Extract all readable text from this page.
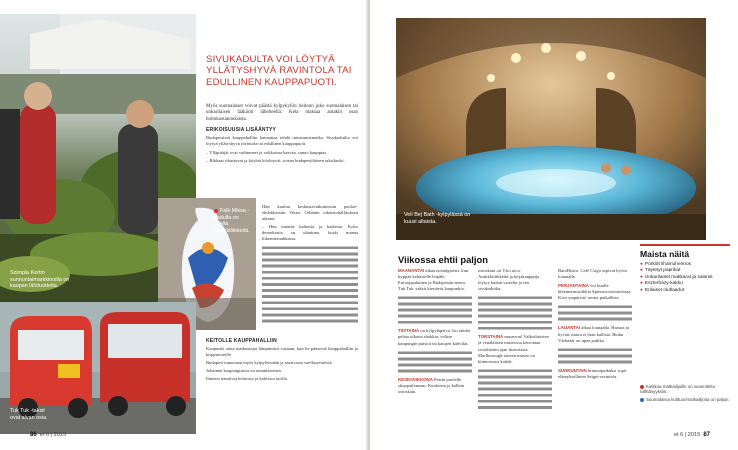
Szimpla Kertin sunnuntaimarkkinoilla on kaupan lähituotteita.
SIVUKADULTA VOI LÖYTYÄ YLLÄTYSHYVÄ RAVINTOLA TAI EDULLINEN KAUPPAPUOTI.

Myös suomalaiset voivat päästä kylpykyliin hoitoon joko suomalaisen tai unkarilaisen lääkärin lähetteellä. Kela maksaa ainakin osan hoitokustannuksista.

ERIKOISUUSIA LISÄÄNTYY

Budapestissä kauppahalliin kannattaa tehdä tutustumismatka. Sivukaduilta voi löytyä yllätyshyvä ravintola tai edullinen kauppapuoti.

– Ylläpitäjät ovat vaihtuneet ja valikoima kasvaa, sanoo kauppias.

– Rikkaat rikastuvat ja köyhät köyhtyvät, toteaa budapestiläinen taksikuski.

Falk Miksa -kadulla on useita antiikkiliikkeitä.

Hän kuuluu keskustavaikutteisiin puolue-ehdokkaisiin Viktor Orbánin oikeistohallituksen aikana.

– Hän määrää kaikesta ja kaikesta. Koko demokratia on uhattuna, kuski manaa liikenneruuhkassa.

Tuk Tuk -taksit ovat alvan osia.
KEITOLLE KAUPPAHALLIIN

Kaupunki ottaa matkustajat lämpimästi vastaan, kun he pääsevät kauppahalliin ja kirpputoreille.

Budapest tunnetaan myös kylpylöistään ja saarivasta vaellusreiteistä.

Jokainen kaupunginosa on omanlaisensa.

Ihmiset nauttivat keitoista ja kahvista torilla.

86 et 6 | 2015
Veli Bej Bath -kylpylässä on kuusi altaista.
Viikossa ehtii paljon

MAANANTAI aikaa nostalgisesti, kun hyppää keltaiselle leipäle. Eurooppalainen ja Budapestin metro. Tuk Tuk -taksit kiertävät kaupunkia.

TIISTAINA on kylpyläpäivä. Iso tahdot pelata ulkona shakkia; valitse kaupungin puistot tai katujen kahvilat.

KESKIVIIKKONA Pestin puolelle shoppailemaan. Kuuluisin ja kallein ostoskatu.

ostoskatu on Váci utca. Antiikkiliikkeitä ja kirjakauppoja löytyy kadun varrelta ja sen sivukaduilta.

TORSTAINA museoon! Valkoihoisten ja venäläisten museossa kerrotaan sosialismin ajan historiasta. Marlborough-taiteen museo on kiinnostava kohde.

BaroBistro, Café Csiga sopivat hyvin lounaalle.

PERJANTAINA voi kuulla klezmermusiikkia Spinoza-ravintolassa. Kiva ympäristö tavata paikallisia.

LAUANTAI alkaa lounaalla. Hassua ja hyvää, mutta ei liian kallista. Budai Várbazár on upea paikka.

SUNNUNTAIN brunssipaikaksi sopii elämyksellinen Sziget-ravintola.

Maista näitä
● Pörkölt lihamuhennos
● Täytetyt paprikat
● Unkarilaiset makkarat ja salamit
● Eszterházy-kakku
● Erilaiset olutlaadut
Kiekkoa matkailijoille on suunniteltu nähtävyyksiin.
Suomalaisia kulttuurimatkailijoita on paljon.
et 6 | 2015 87
